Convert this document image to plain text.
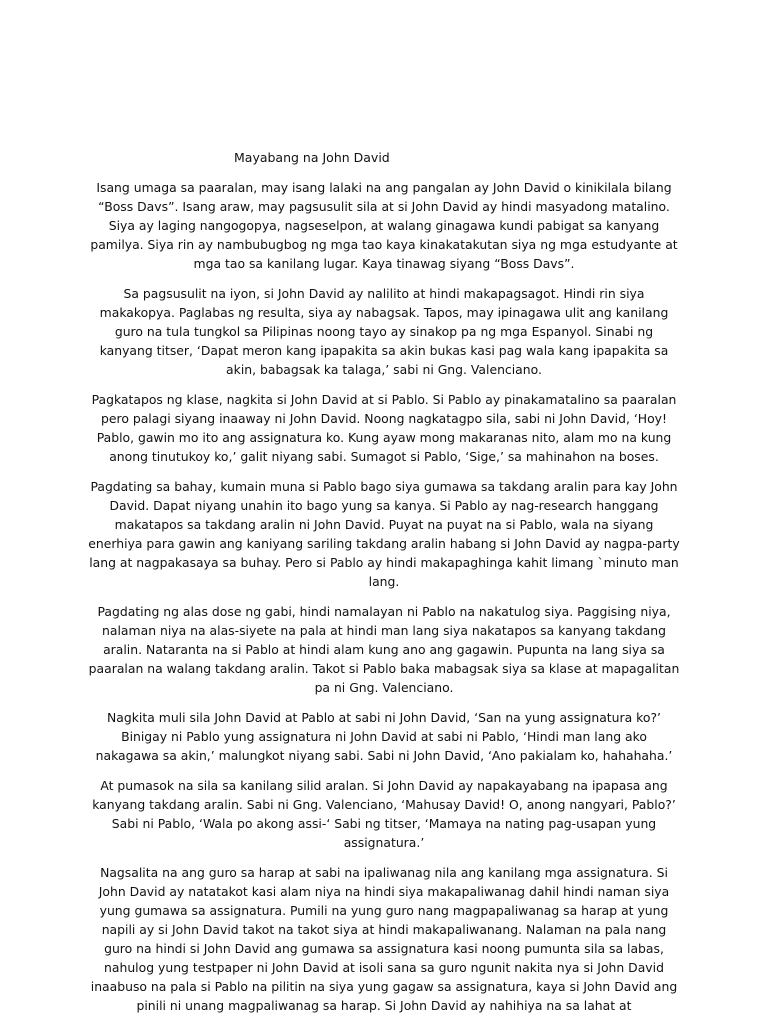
Mayabang na John David

Isang umaga sa paaralan, may isang lalaki na ang pangalan ay John David o kinikilala bilang “Boss Davs”. Isang araw, may pagsusulit sila at si John David ay hindi masyadong matalino. Siya ay laging nangogopya, nagseselpon, at walang ginagawa kundi pabigat sa kanyang pamilya. Siya rin ay nambubugbog ng mga tao kaya kinakatakutan siya ng mga estudyante at mga tao sa kanilang lugar. Kaya tinawag siyang “Boss Davs”.

Sa pagsusulit na iyon, si John David ay nalilito at hindi makapagsagot. Hindi rin siya makakopya. Paglabas ng resulta, siya ay nabagsak. Tapos, may ipinagawa ulit ang kanilang guro na tula tungkol sa Pilipinas noong tayo ay sinakop pa ng mga Espanyol. Sinabi ng kanyang titser, ‘Dapat meron kang ipapakita sa akin bukas kasi pag wala kang ipapakita sa akin, babagsak ka talaga,’ sabi ni Gng. Valenciano.

Pagkatapos ng klase, nagkita si John David at si Pablo. Si Pablo ay pinakamatalino sa paaralan pero palagi siyang inaaway ni John David. Noong nagkatagpo sila, sabi ni John David, ‘Hoy! Pablo, gawin mo ito ang assignatura ko. Kung ayaw mong makaranas nito, alam mo na kung anong tinutukoy ko,’ galit niyang sabi. Sumagot si Pablo, ‘Sige,’ sa mahinahon na boses.

Pagdating sa bahay, kumain muna si Pablo bago siya gumawa sa takdang aralin para kay John David. Dapat niyang unahin ito bago yung sa kanya. Si Pablo ay nag-research hanggang makatapos sa takdang aralin ni John David. Puyat na puyat na si Pablo, wala na siyang enerhiya para gawin ang kaniyang sariling takdang aralin habang si John David ay nagpa-party lang at nagpakasaya sa buhay. Pero si Pablo ay hindi makapaghinga kahit limang `minuto man lang.

Pagdating ng alas dose ng gabi, hindi namalayan ni Pablo na nakatulog siya. Paggising niya, nalaman niya na alas-siyete na pala at hindi man lang siya nakatapos sa kanyang takdang aralin. Nataranta na si Pablo at hindi alam kung ano ang gagawin. Pupunta na lang siya sa paaralan na walang takdang aralin. Takot si Pablo baka mabagsak siya sa klase at mapagalitan pa ni Gng. Valenciano.

Nagkita muli sila John David at Pablo at sabi ni John David, ‘San na yung assignatura ko?’ Binigay ni Pablo yung assignatura ni John David at sabi ni Pablo, ‘Hindi man lang ako nakagawa sa akin,’ malungkot niyang sabi. Sabi ni John David, ‘Ano pakialam ko, hahahaha.’

At pumasok na sila sa kanilang silid aralan. Si John David ay napakayabang na ipapasa ang kanyang takdang aralin. Sabi ni Gng. Valenciano, ‘Mahusay David! O, anong nangyari, Pablo?’ Sabi ni Pablo, ‘Wala po akong assi-‘ Sabi ng titser, ‘Mamaya na nating pag-usapan yung assignatura.’

Nagsalita na ang guro sa harap at sabi na ipaliwanag nila ang kanilang mga assignatura. Si John David ay natatakot kasi alam niya na hindi siya makapaliwanag dahil hindi naman siya yung gumawa sa assignatura. Pumili na yung guro nang magpapaliwanag sa harap at yung napili ay si John David takot na takot siya at hindi makapaliwanang. Nalaman na pala nang guro na hindi si John David ang gumawa sa assignatura kasi noong pumunta sila sa labas, nahulog yung testpaper ni John David at isoli sana sa guro ngunit nakita nya si John David inaabuso na pala si Pablo na pilitin na siya yung gagaw sa assignatura, kaya si John David ang pinili ni unang magpaliwanag sa harap. Si John David ay nahihiya na sa lahat at
